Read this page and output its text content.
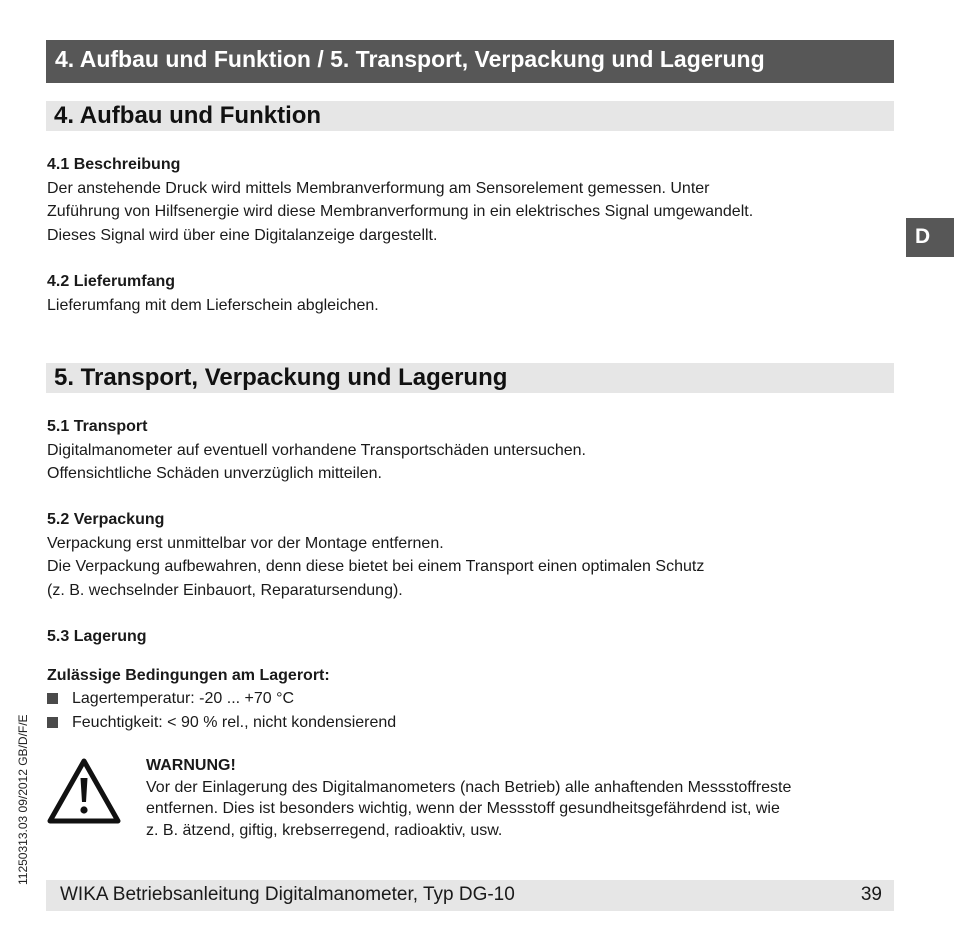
4. Aufbau und Funktion / 5. Transport, Verpackung und Lagerung
4. Aufbau und Funktion
D
4.1 Beschreibung
Der anstehende Druck wird mittels Membranverformung am Sensorelement gemessen. Unter
Zuführung von Hilfsenergie wird diese Membranverformung in ein elektrisches Signal umgewandelt.
Dieses Signal wird über eine Digitalanzeige dargestellt.
4.2 Lieferumfang
Lieferumfang mit dem Lieferschein abgleichen.
5. Transport, Verpackung und Lagerung
5.1 Transport
Digitalmanometer auf eventuell vorhandene Transportschäden untersuchen.
Offensichtliche Schäden unverzüglich mitteilen.
5.2 Verpackung
Verpackung erst unmittelbar vor der Montage entfernen.
Die Verpackung aufbewahren, denn diese bietet bei einem Transport einen optimalen Schutz
(z. B. wechselnder Einbauort, Reparatursendung).
5.3 Lagerung
Zulässige Bedingungen am Lagerort:
Lagertemperatur: -20 ... +70 °C
Feuchtigkeit: < 90 % rel., nicht kondensierend
WARNUNG!
Vor der Einlagerung des Digitalmanometers (nach Betrieb) alle anhaftenden Messstoffreste
entfernen. Dies ist besonders wichtig, wenn der Messstoff gesundheitsgefährdend ist, wie
z. B. ätzend, giftig, krebserregend, radioaktiv, usw.
11250313.03 09/2012 GB/D/F/E
WIKA Betriebsanleitung Digitalmanometer, Typ DG-10	39
